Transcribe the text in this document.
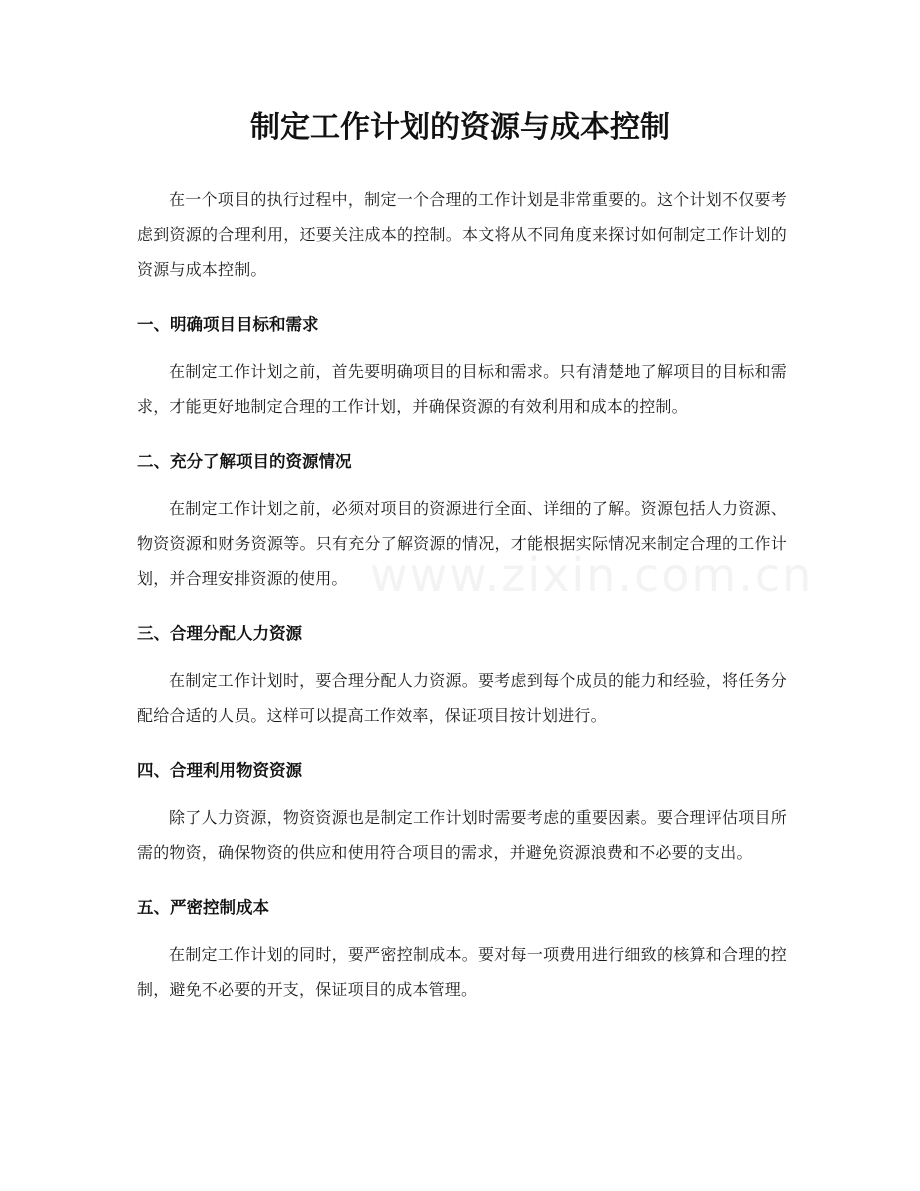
制定工作计划的资源与成本控制

在一个项目的执行过程中，制定一个合理的工作计划是非常重要的。这个计划不仅要考虑到资源的合理利用，还要关注成本的控制。本文将从不同角度来探讨如何制定工作计划的资源与成本控制。

一、明确项目目标和需求

在制定工作计划之前，首先要明确项目的目标和需求。只有清楚地了解项目的目标和需求，才能更好地制定合理的工作计划，并确保资源的有效利用和成本的控制。

二、充分了解项目的资源情况

在制定工作计划之前，必须对项目的资源进行全面、详细的了解。资源包括人力资源、物资资源和财务资源等。只有充分了解资源的情况，才能根据实际情况来制定合理的工作计划，并合理安排资源的使用。

三、合理分配人力资源

在制定工作计划时，要合理分配人力资源。要考虑到每个成员的能力和经验，将任务分配给合适的人员。这样可以提高工作效率，保证项目按计划进行。

四、合理利用物资资源

除了人力资源，物资资源也是制定工作计划时需要考虑的重要因素。要合理评估项目所需的物资，确保物资的供应和使用符合项目的需求，并避免资源浪费和不必要的支出。

五、严密控制成本

在制定工作计划的同时，要严密控制成本。要对每一项费用进行细致的核算和合理的控制，避免不必要的开支，保证项目的成本管理。

www.zixin.com.cn
